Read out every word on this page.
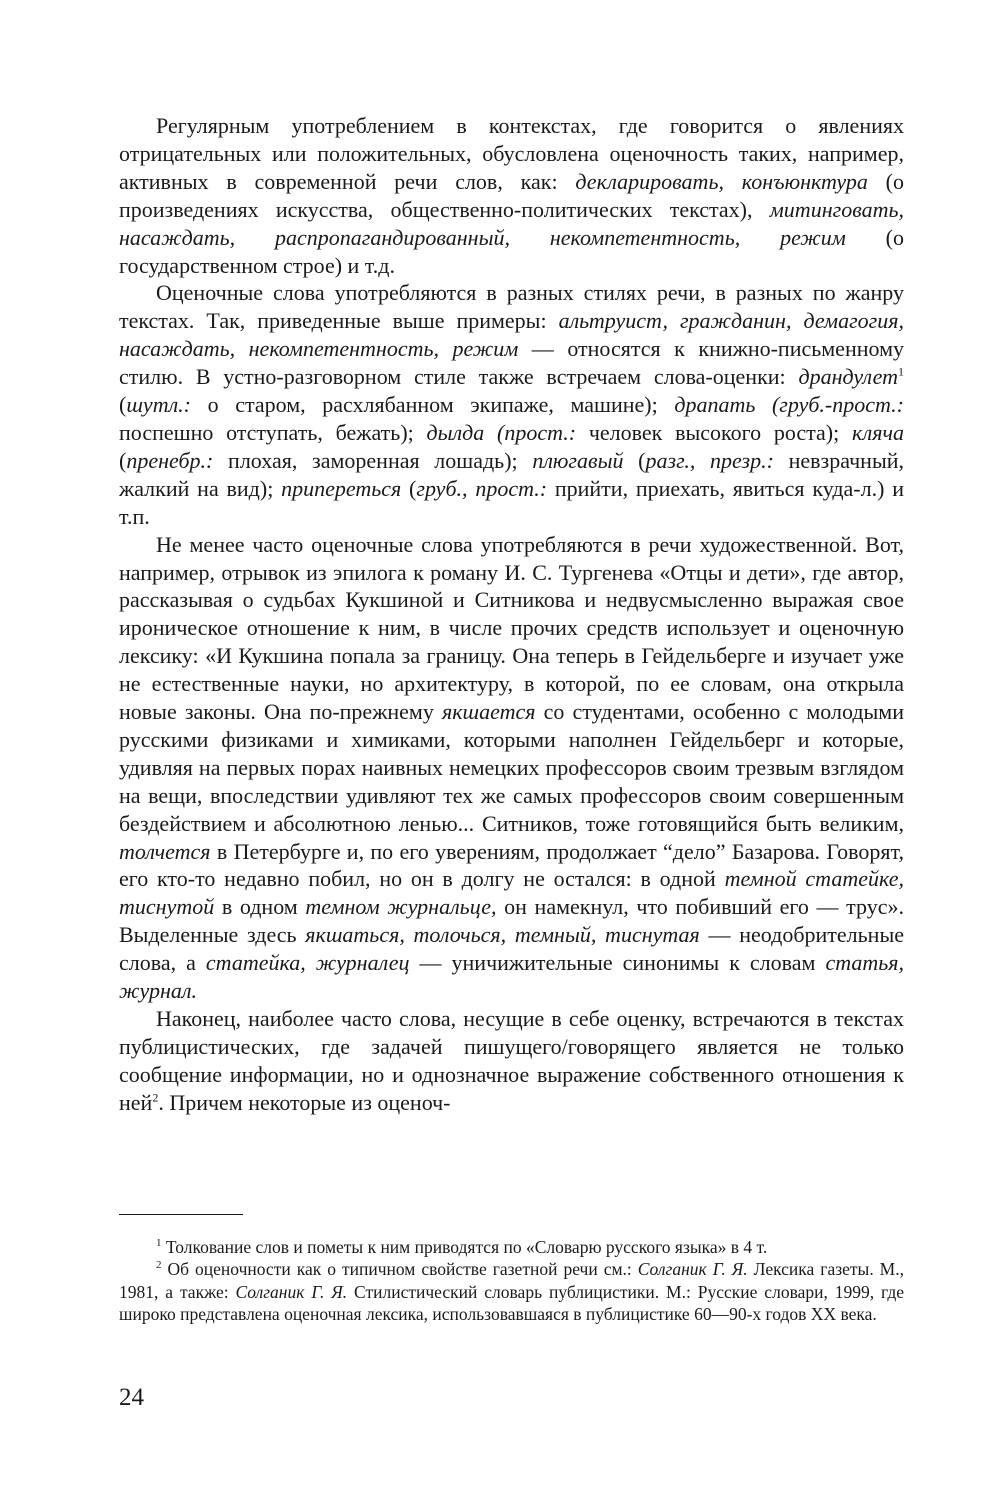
Регулярным употреблением в контекстах, где говорится о явлениях отрицательных или положительных, обусловлена оценочность таких, например, активных в современной речи слов, как: декларировать, конъюнктура (о произведениях искусства, общественно-политических текстах), митинговать, насаждать, распропагандированный, некомпетентность, режим (о государственном строе) и т.д.

Оценочные слова употребляются в разных стилях речи, в разных по жанру текстах. Так, приведенные выше примеры: альтруист, гражданин, демагогия, насаждать, некомпетентность, режим — относятся к книжно-письменному стилю. В устно-разговорном стиле также встречаем слова-оценки: драндулет$^1$ (шутл.: о старом, расхлябанном экипаже, машине); драпать (груб.-прост.: поспешно отступать, бежать); дылда (прост.: человек высокого роста); кляча (пренебр.: плохая, заморенная лошадь); плюгавый (разг., презр.: невзрачный, жалкий на вид); припереться (груб., прост.: прийти, приехать, явиться куда-л.) и т.п.

Не менее часто оценочные слова употребляются в речи художественной. Вот, например, отрывок из эпилога к роману И. С. Тургенева «Отцы и дети», где автор, рассказывая о судьбах Кукшиной и Ситникова и недвусмысленно выражая свое ироническое отношение к ним, в числе прочих средств использует и оценочную лексику: «И Кукшина попала за границу. Она теперь в Гейдельберге и изучает уже не естественные науки, но архитектуру, в которой, по ее словам, она открыла новые законы. Она по-прежнему якшается со студентами, особенно с молодыми русскими физиками и химиками, которыми наполнен Гейдельберг и которые, удивляя на первых порах наивных немецких профессоров своим трезвым взглядом на вещи, впоследствии удивляют тех же самых профессоров своим совершенным бездействием и абсолютною ленью... Ситников, тоже готовящийся быть великим, толчется в Петербурге и, по его уверениям, продолжает “дело” Базарова. Говорят, его кто-то недавно побил, но он в долгу не остался: в одной темной статейке, тиснутой в одном темном журнальце, он намекнул, что побивший его — трус». Выделенные здесь якшаться, толочься, темный, тиснутая — неодобрительные слова, а статейка, журналец — уничижительные синонимы к словам статья, журнал.

Наконец, наиболее часто слова, несущие в себе оценку, встречаются в текстах публицистических, где задачей пишущего/говорящего является не только сообщение информации, но и однозначное выражение собственного отношения к ней$^2$. Причем некоторые из оценоч-

$^1$ Толкование слов и пометы к ним приводятся по «Словарю русского языка» в 4 т.

$^2$ Об оценочности как о типичном свойстве газетной речи см.: Солганик Г. Я. Лексика газеты. М., 1981, а также: Солганик Г. Я. Стилистический словарь публицистики. М.: Русские словари, 1999, где широко представлена оценочная лексика, использовавшаяся в публицистике 60—90-х годов XX века.

24
